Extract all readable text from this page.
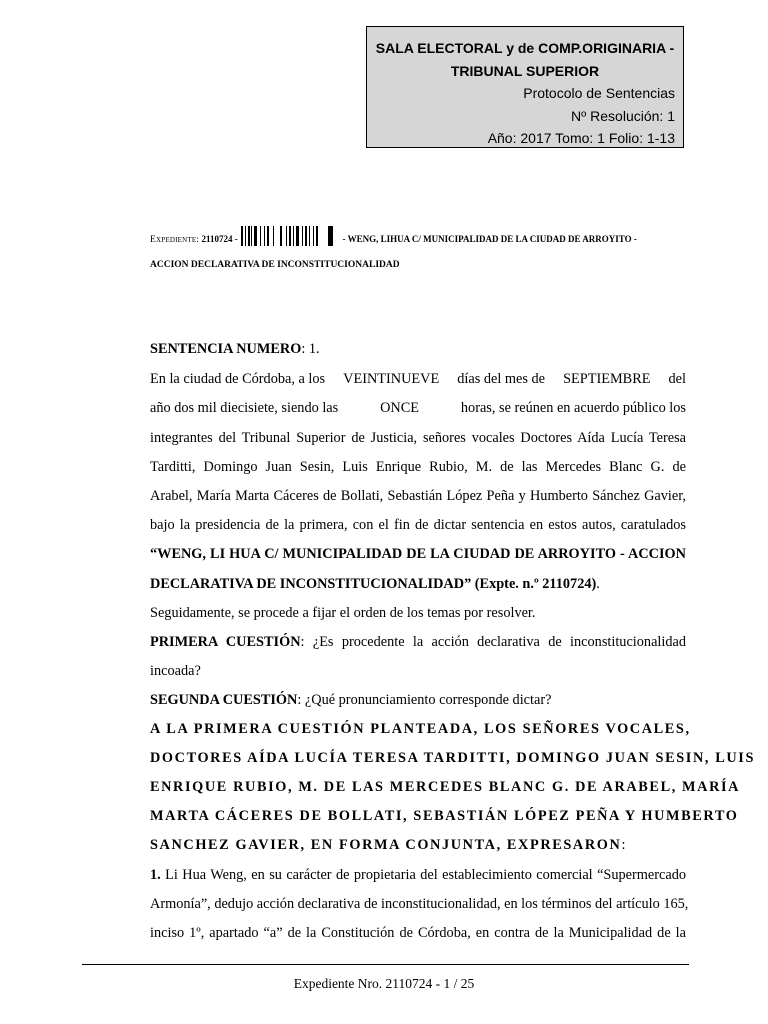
SALA ELECTORAL y de COMP.ORIGINARIA -
TRIBUNAL SUPERIOR
Protocolo de Sentencias
Nº Resolución: 1
Año: 2017 Tomo: 1 Folio: 1-13
Expediente: 2110724 -	- WENG, LIHUA C/ MUNICIPALIDAD DE LA CIUDAD DE ARROYITO -
ACCION DECLARATIVA DE INCONSTITUCIONALIDAD
SENTENCIA NUMERO: 1.
En la ciudad de Córdoba, a los VEINTINUEVE días del mes de SEPTIEMBRE del
año dos mil diecisiete, siendo las	ONCE	horas, se reúnen en acuerdo público los
integrantes del Tribunal Superior de Justicia, señores vocales Doctores Aída Lucía Teresa
Tarditti, Domingo Juan Sesin, Luis Enrique Rubio, M. de las Mercedes Blanc G. de
Arabel, María Marta Cáceres de Bollati, Sebastián López Peña y Humberto Sánchez Gavier,
bajo la presidencia de la primera, con el fin de dictar sentencia en estos autos, caratulados
“WENG, LI HUA C/ MUNICIPALIDAD DE LA CIUDAD DE ARROYITO - ACCION
DECLARATIVA DE INCONSTITUCIONALIDAD” (Expte. n.º 2110724).
Seguidamente, se procede a fijar el orden de los temas por resolver.
PRIMERA CUESTIÓN: ¿Es procedente la acción declarativa de inconstitucionalidad
incoada?
SEGUNDA CUESTIÓN: ¿Qué pronunciamiento corresponde dictar?
A LA PRIMERA CUESTIÓN PLANTEADA, LOS SEÑORES VOCALES,
DOCTORES AÍDA LUCÍA TERESA TARDITTI, DOMINGO JUAN SESIN, LUIS
ENRIQUE RUBIO, M. DE LAS MERCEDES BLANC G. DE ARABEL, MARÍA
MARTA CÁCERES DE BOLLATI, SEBASTIÁN LÓPEZ PEÑA Y HUMBERTO
SANCHEZ GAVIER, EN FORMA CONJUNTA, EXPRESARON:
1. Li Hua Weng, en su carácter de propietaria del establecimiento comercial “Supermercado
Armonía”, dedujo acción declarativa de inconstitucionalidad, en los términos del artículo 165,
inciso 1º, apartado “a” de la Constitución de Córdoba, en contra de la Municipalidad de la
Expediente Nro. 2110724 - 1 / 25
